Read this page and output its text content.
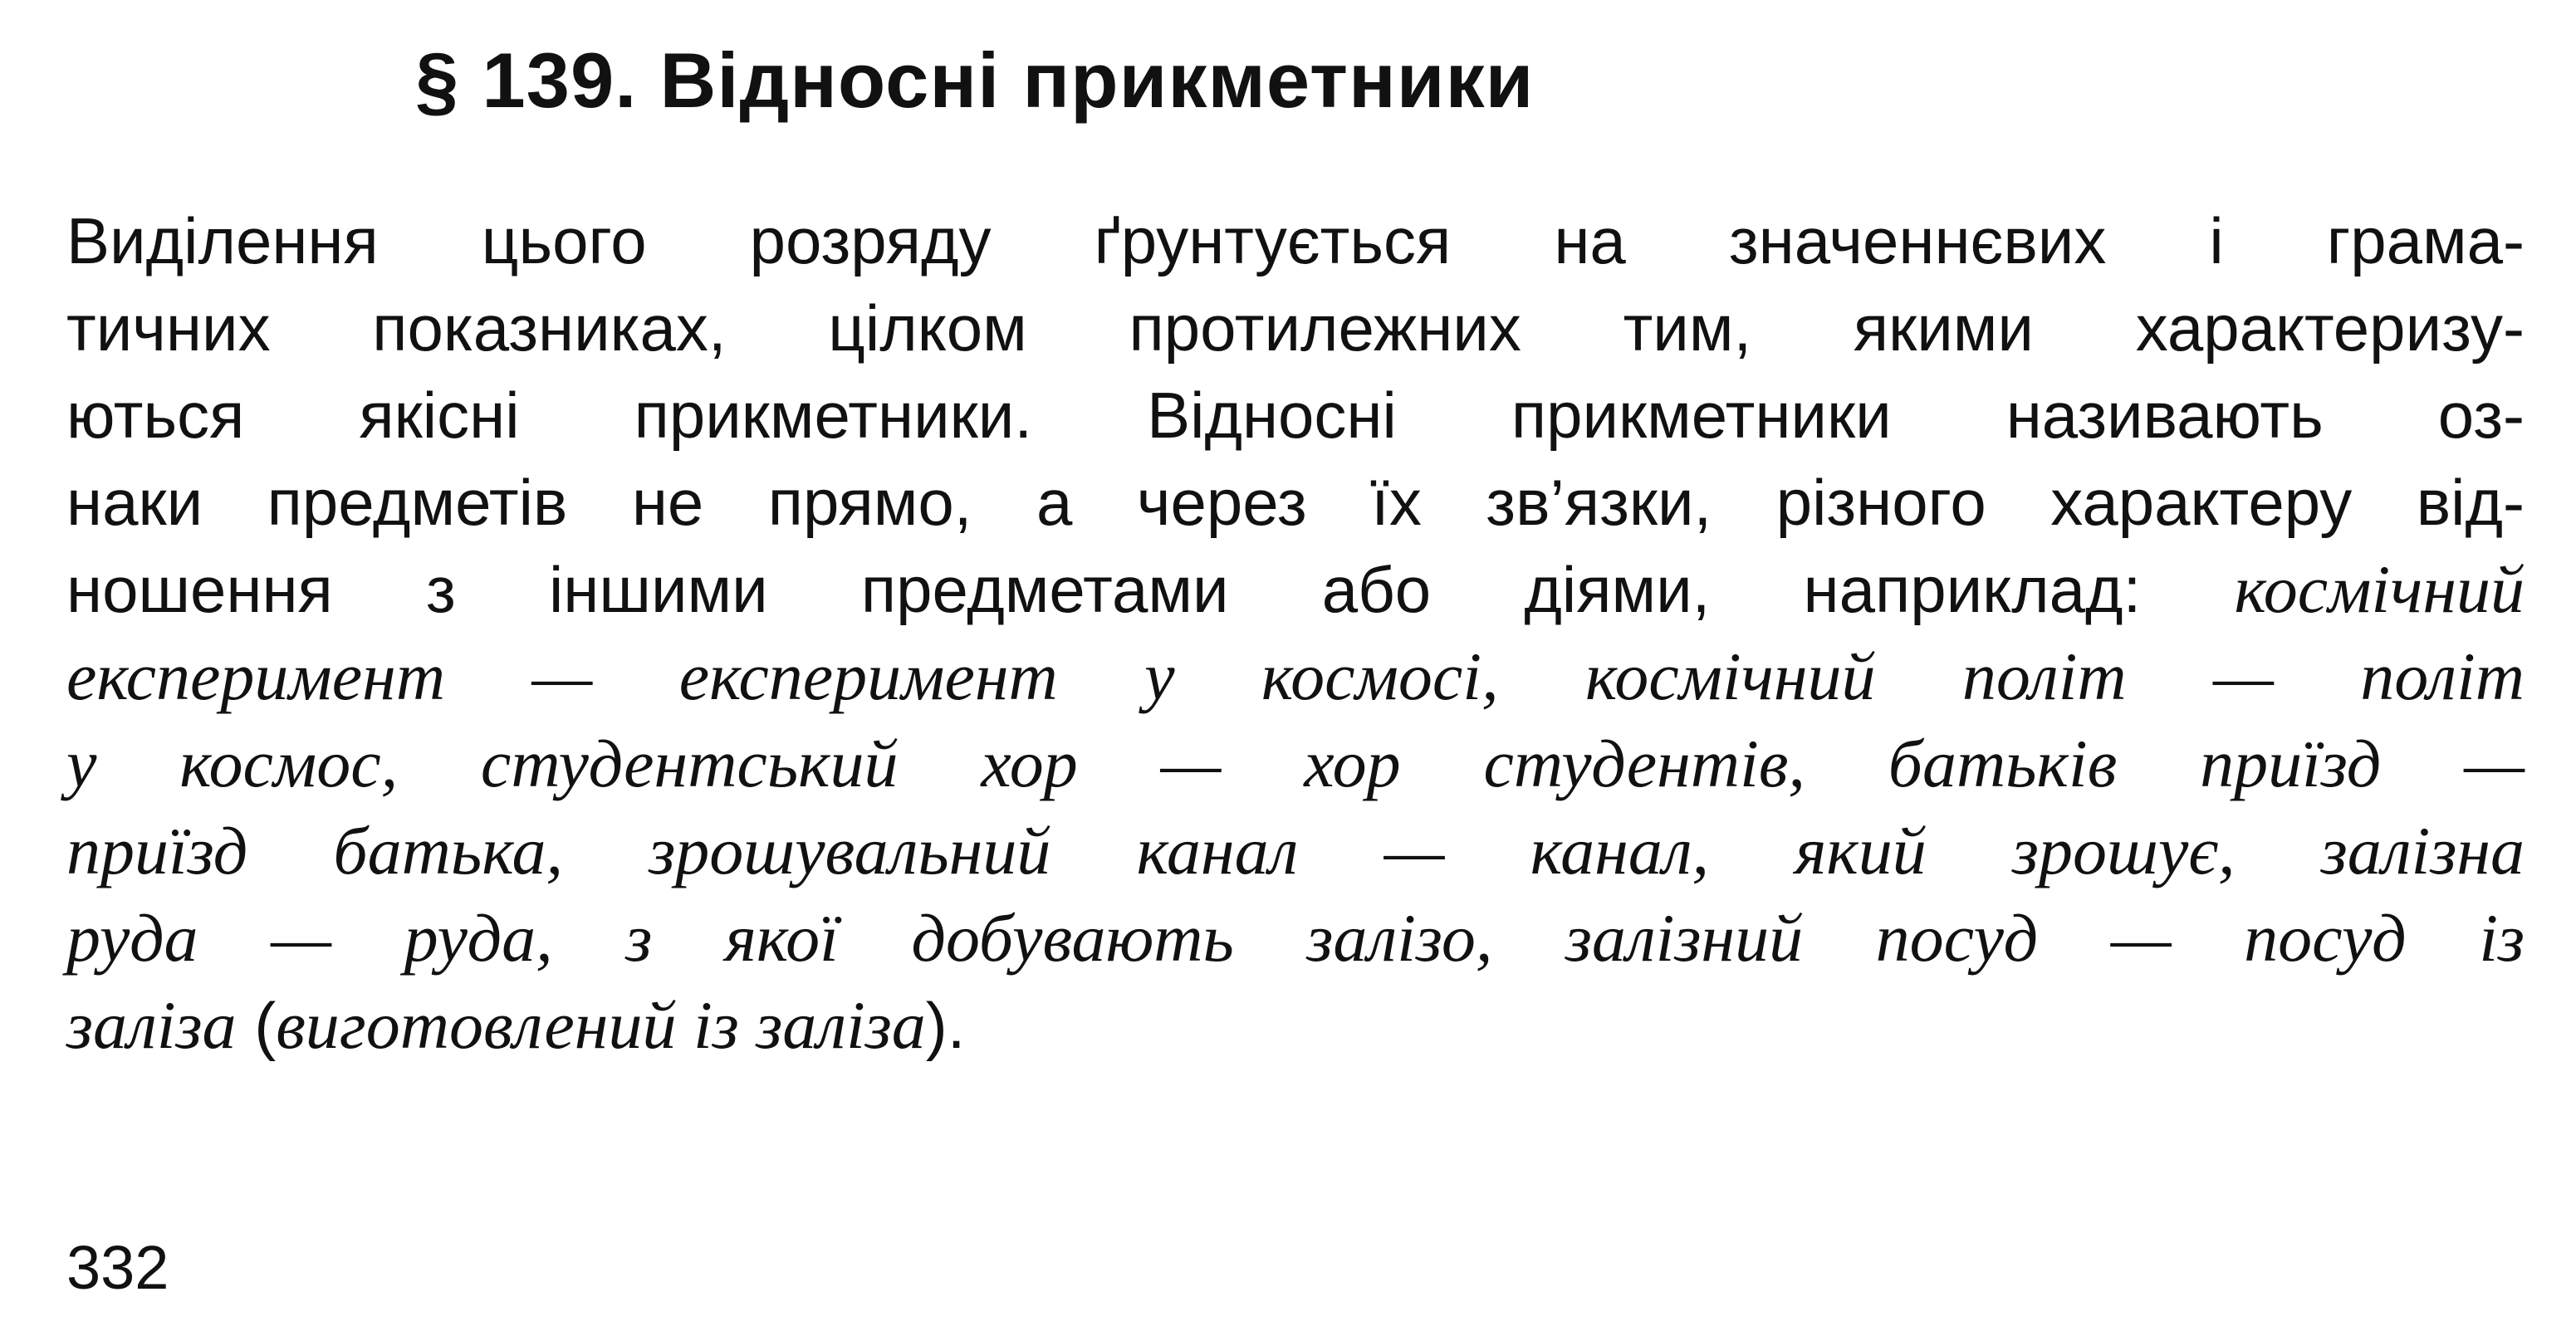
§ 139. Відносні прикметники
Виділення цього розряду ґрунтується на значеннєвих і грама-
тичних показниках, цілком протилежних тим, якими характеризу-
ються якісні прикметники. Відносні прикметники називають оз-
наки предметів не прямо, а через їх зв’язки, різного характеру від-
ношення з іншими предметами або діями, наприклад: космічний
експеримент — експеримент у космосі, космічний політ — політ
у космос, студентський хор — хор студентів, батьків приїзд —
приїзд батька, зрошувальний канал — канал, який зрошує, залізна
руда — руда, з якої добувають залізо, залізний посуд — посуд із
заліза (виготовлений із заліза).
332
